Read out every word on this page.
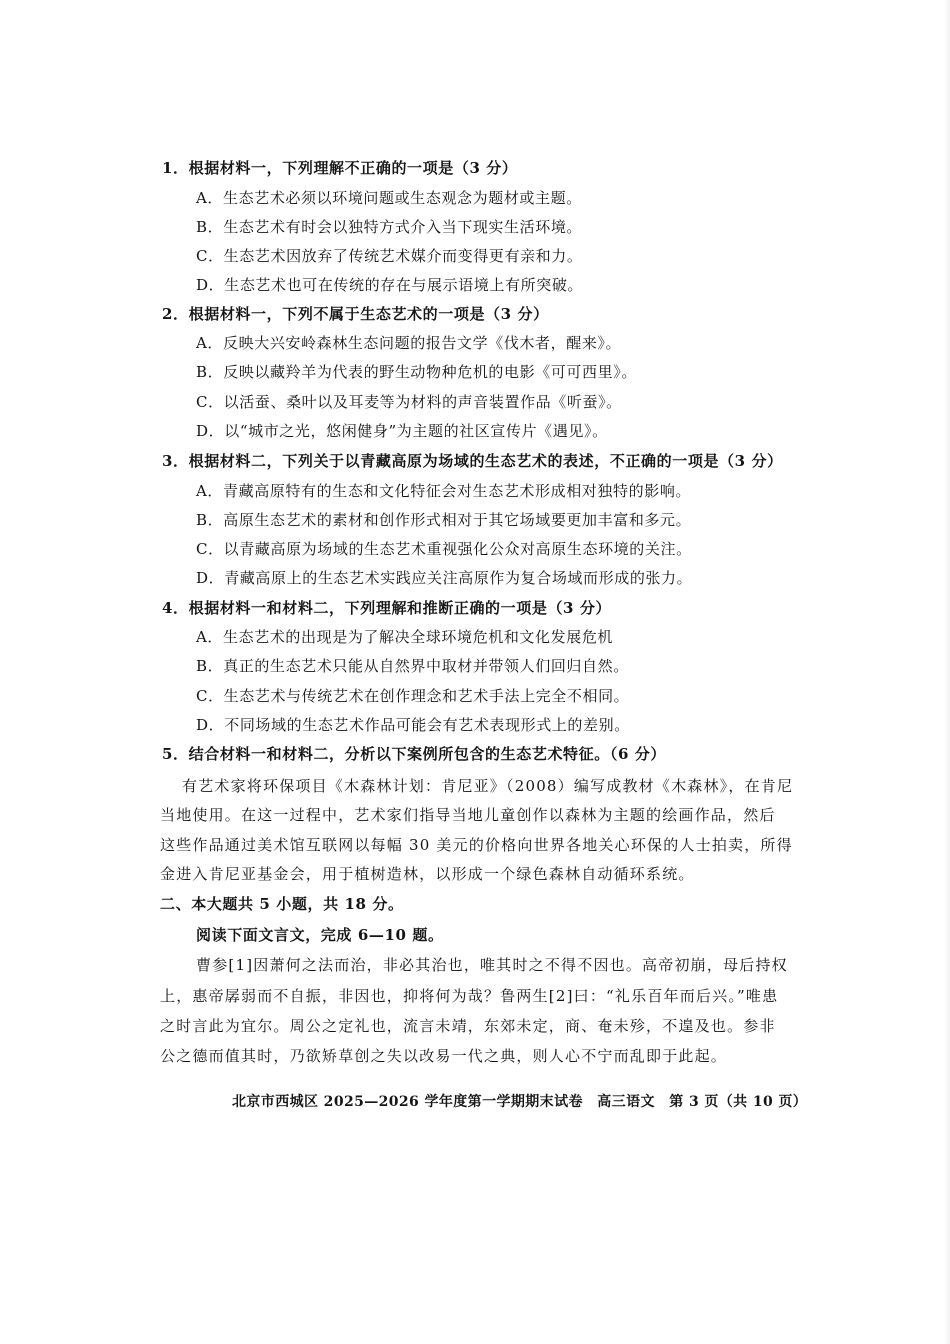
1．根据材料一，下列理解不正确的一项是（3 分）
A．生态艺术必须以环境问题或生态观念为题材或主题。
B．生态艺术有时会以独特方式介入当下现实生活环境。
C．生态艺术因放弃了传统艺术媒介而变得更有亲和力。
D．生态艺术也可在传统的存在与展示语境上有所突破。
2．根据材料一，下列不属于生态艺术的一项是（3 分）
A．反映大兴安岭森林生态问题的报告文学《伐木者，醒来》。
B．反映以藏羚羊为代表的野生动物种危机的电影《可可西里》。
C．以活蚕、桑叶以及耳麦等为材料的声音装置作品《听蚕》。
D．以“城市之光，悠闲健身”为主题的社区宣传片《遇见》。
3．根据材料二，下列关于以青藏高原为场域的生态艺术的表述，不正确的一项是（3 分）
A．青藏高原特有的生态和文化特征会对生态艺术形成相对独特的影响。
B．高原生态艺术的素材和创作形式相对于其它场域要更加丰富和多元。
C．以青藏高原为场域的生态艺术重视强化公众对高原生态环境的关注。
D．青藏高原上的生态艺术实践应关注高原作为复合场域而形成的张力。
4．根据材料一和材料二，下列理解和推断正确的一项是（3 分）
A．生态艺术的出现是为了解决全球环境危机和文化发展危机
B．真正的生态艺术只能从自然界中取材并带领人们回归自然。
C．生态艺术与传统艺术在创作理念和艺术手法上完全不相同。
D．不同场域的生态艺术作品可能会有艺术表现形式上的差别。
5．结合材料一和材料二，分析以下案例所包含的生态艺术特征。（6 分）
有艺术家将环保项目《木森林计划：肯尼亚》（2008）编写成教材《木森林》，在肯尼
当地使用。在这一过程中，艺术家们指导当地儿童创作以森林为主题的绘画作品，然后
这些作品通过美术馆互联网以每幅 30 美元的价格向世界各地关心环保的人士拍卖，所得
金进入肯尼亚基金会，用于植树造林，以形成一个绿色森林自动循环系统。
二、本大题共 5 小题，共 18 分。
阅读下面文言文，完成 6—10 题。
曹参[1]因萧何之法而治，非必其治也，唯其时之不得不因也。高帝初崩，母后持权
上，惠帝孱弱而不自振，非因也，抑将何为哉？鲁两生[2]曰：“礼乐百年而后兴。”唯患
之时言此为宜尔。周公之定礼也，流言未靖，东郊未定，商、奄未殄，不遑及也。参非
公之德而值其时，乃欲矫草创之失以改易一代之典，则人心不宁而乱即于此起。
北京市西城区 2025—2026 学年度第一学期期末试卷　高三语文　第 3 页（共 10 页）
